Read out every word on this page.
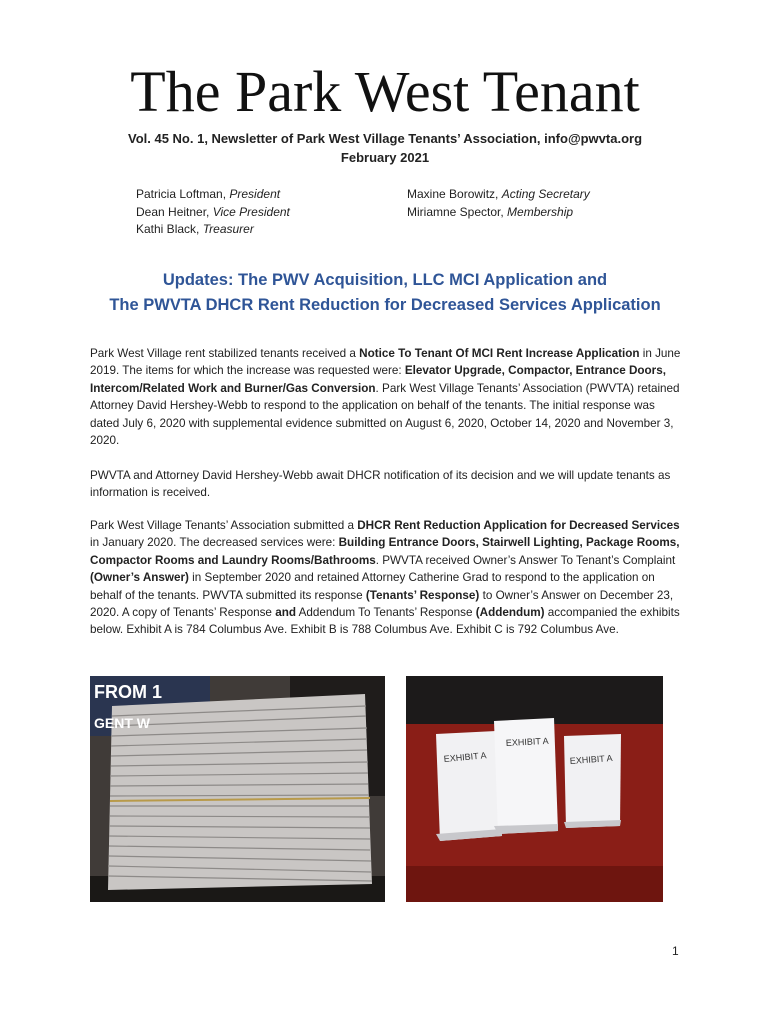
The Park West Tenant
Vol. 45 No. 1, Newsletter of Park West Village Tenants’ Association, info@pwvta.org
February 2021
Patricia Loftman, President
Dean Heitner, Vice President
Kathi Black, Treasurer
Maxine Borowitz, Acting Secretary
Miriamne Spector, Membership
Updates: The PWV Acquisition, LLC MCI Application and
The PWVTA DHCR Rent Reduction for Decreased Services Application
Park West Village rent stabilized tenants received a Notice To Tenant Of MCI Rent Increase Application in June 2019. The items for which the increase was requested were: Elevator Upgrade, Compactor, Entrance Doors, Intercom/Related Work and Burner/Gas Conversion. Park West Village Tenants’ Association (PWVTA) retained Attorney David Hershey-Webb to respond to the application on behalf of the tenants. The initial response was dated July 6, 2020 with supplemental evidence submitted on August 6, 2020, October 14, 2020 and November 3, 2020.
PWVTA and Attorney David Hershey-Webb await DHCR notification of its decision and we will update tenants as information is received.
Park West Village Tenants’ Association submitted a DHCR Rent Reduction Application for Decreased Services in January 2020. The decreased services were: Building Entrance Doors, Stairwell Lighting, Package Rooms, Compactor Rooms and Laundry Rooms/Bathrooms. PWVTA received Owner’s Answer To Tenant’s Complaint (Owner’s Answer) in September 2020 and retained Attorney Catherine Grad to respond to the application on behalf of the tenants. PWVTA submitted its response (Tenants’ Response) to Owner’s Answer on December 23, 2020. A copy of Tenants’ Response and Addendum To Tenants’ Response (Addendum) accompanied the exhibits below. Exhibit A is 784 Columbus Ave. Exhibit B is 788 Columbus Ave. Exhibit C is 792 Columbus Ave.
FROM 1
GENT W
EXHIBIT A
EXHIBIT A
EXHIBIT A
1
